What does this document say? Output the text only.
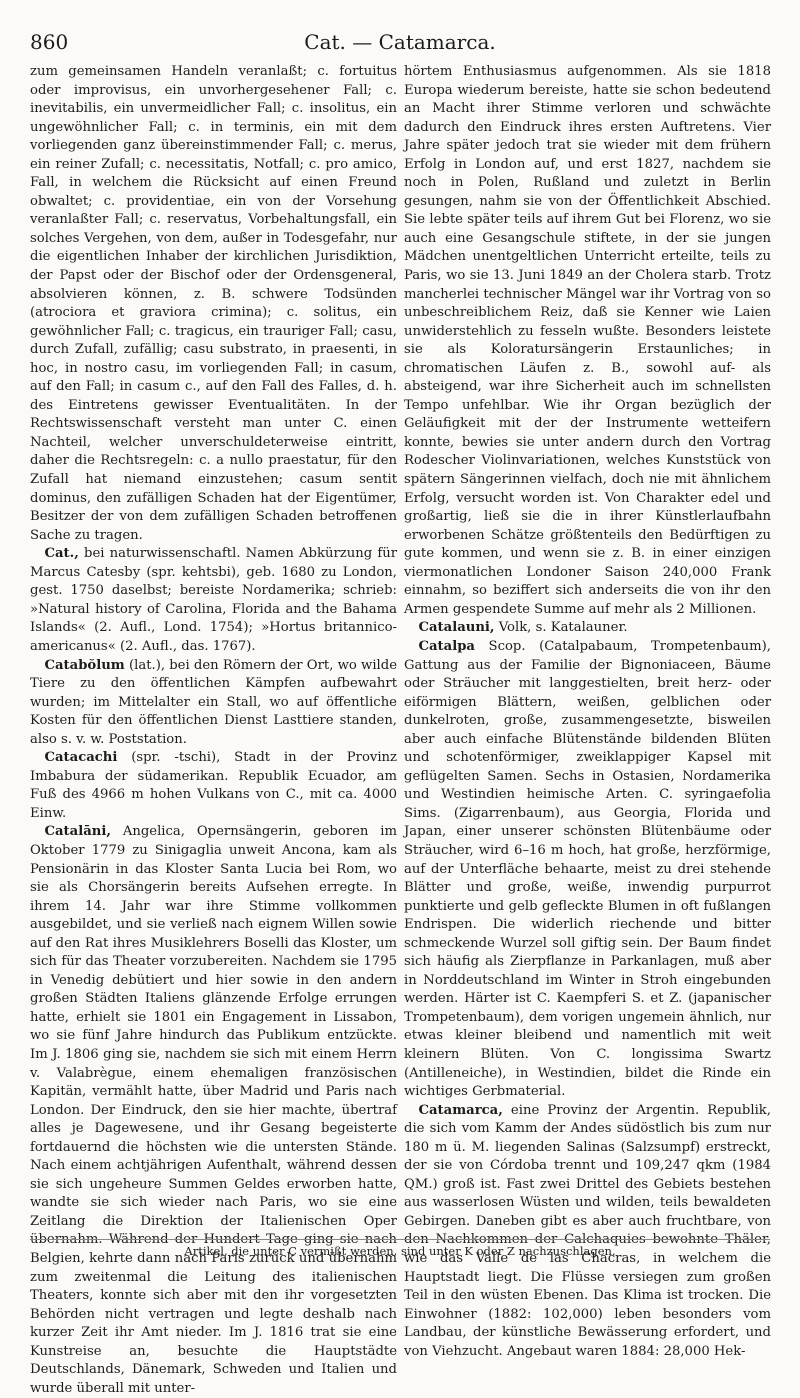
860	Cat. — Catamarca.

zum gemeinsamen Handeln veranlaßt; c. fortuitus oder improvisus, ein unvorhergesehener Fall; c. inevitabilis, ein unvermeidlicher Fall; c. insolitus, ein ungewöhnlicher Fall; c. in terminis, ein mit dem vorliegenden ganz übereinstimmender Fall; c. merus, ein reiner Zufall; c. necessitatis, Notfall; c. pro amico, Fall, in welchem die Rücksicht auf einen Freund obwaltet; c. providentiae, ein von der Vorsehung veranlaßter Fall; c. reservatus, Vorbehaltungsfall, ein solches Vergehen, von dem, außer in Todesgefahr, nur die eigentlichen Inhaber der kirchlichen Jurisdiktion, der Papst oder der Bischof oder der Ordensgeneral, absolvieren können, z. B. schwere Todsünden (atrociora et graviora crimina); c. solitus, ein gewöhnlicher Fall; c. tragicus, ein trauriger Fall; casu, durch Zufall, zufällig; casu substrato, in praesenti, in hoc, in nostro casu, im vorliegenden Fall; in casum, auf den Fall; in casum c., auf den Fall des Falles, d. h. des Eintretens gewisser Eventualitäten. In der Rechtswissenschaft versteht man unter C. einen Nachteil, welcher unverschuldeterweise eintritt, daher die Rechtsregeln: c. a nullo praestatur, für den Zufall hat niemand einzustehen; casum sentit dominus, den zufälligen Schaden hat der Eigentümer, Besitzer der von dem zufälligen Schaden betroffenen Sache zu tragen.

Cat., bei naturwissenschaftl. Namen Abkürzung für Marcus Catesby (spr. kehtsbi), geb. 1680 zu London, gest. 1750 daselbst; bereiste Nordamerika; schrieb: »Natural history of Carolina, Florida and the Bahama Islands« (2. Aufl., Lond. 1754); »Hortus britannico-americanus« (2. Aufl., das. 1767).

Catabŏlum (lat.), bei den Römern der Ort, wo wilde Tiere zu den öffentlichen Kämpfen aufbewahrt wurden; im Mittelalter ein Stall, wo auf öffentliche Kosten für den öffentlichen Dienst Lasttiere standen, also s. v. w. Poststation.

Catacachi (spr. -tschi), Stadt in der Provinz Imbabura der südamerikan. Republik Ecuador, am Fuß des 4966 m hohen Vulkans von C., mit ca. 4000 Einw.

Catalāni, Angelica, Opernsängerin, geboren im Oktober 1779 zu Sinigaglia unweit Ancona, kam als Pensionärin in das Kloster Santa Lucia bei Rom, wo sie als Chorsängerin bereits Aufsehen erregte. In ihrem 14. Jahr war ihre Stimme vollkommen ausgebildet, und sie verließ nach eignem Willen sowie auf den Rat ihres Musiklehrers Boselli das Kloster, um sich für das Theater vorzubereiten. Nachdem sie 1795 in Venedig debütiert und hier sowie in den andern großen Städten Italiens glänzende Erfolge errungen hatte, erhielt sie 1801 ein Engagement in Lissabon, wo sie fünf Jahre hindurch das Publikum entzückte. Im J. 1806 ging sie, nachdem sie sich mit einem Herrn v. Valabrègue, einem ehemaligen französischen Kapitän, vermählt hatte, über Madrid und Paris nach London. Der Eindruck, den sie hier machte, übertraf alles je Dagewesene, und ihr Gesang begeisterte fortdauernd die höchsten wie die untersten Stände. Nach einem achtjährigen Aufenthalt, während dessen sie sich ungeheure Summen Geldes erworben hatte, wandte sie sich wieder nach Paris, wo sie eine Zeitlang die Direktion der Italienischen Oper übernahm. Während der Hundert Tage ging sie nach Belgien, kehrte dann nach Paris zurück und übernahm zum zweitenmal die Leitung des italienischen Theaters, konnte sich aber mit den ihr vorgesetzten Behörden nicht vertragen und legte deshalb nach kurzer Zeit ihr Amt nieder. Im J. 1816 trat sie eine Kunstreise an, besuchte die Hauptstädte Deutschlands, Dänemark, Schweden und Italien und wurde überall mit unter-

hörtem Enthusiasmus aufgenommen. Als sie 1818 Europa wiederum bereiste, hatte sie schon bedeutend an Macht ihrer Stimme verloren und schwächte dadurch den Eindruck ihres ersten Auftretens. Vier Jahre später jedoch trat sie wieder mit dem frühern Erfolg in London auf, und erst 1827, nachdem sie noch in Polen, Rußland und zuletzt in Berlin gesungen, nahm sie von der Öffentlichkeit Abschied. Sie lebte später teils auf ihrem Gut bei Florenz, wo sie auch eine Gesangschule stiftete, in der sie jungen Mädchen unentgeltlichen Unterricht erteilte, teils zu Paris, wo sie 13. Juni 1849 an der Cholera starb. Trotz mancherlei technischer Mängel war ihr Vortrag von so unbeschreiblichem Reiz, daß sie Kenner wie Laien unwiderstehlich zu fesseln wußte. Besonders leistete sie als Koloratursängerin Erstaunliches; in chromatischen Läufen z. B., sowohl auf- als absteigend, war ihre Sicherheit auch im schnellsten Tempo unfehlbar. Wie ihr Organ bezüglich der Geläufigkeit mit der der Instrumente wetteifern konnte, bewies sie unter andern durch den Vortrag Rodescher Violinvariationen, welches Kunststück von spätern Sängerinnen vielfach, doch nie mit ähnlichem Erfolg, versucht worden ist. Von Charakter edel und großartig, ließ sie die in ihrer Künstlerlaufbahn erworbenen Schätze größtenteils den Bedürftigen zu gute kommen, und wenn sie z. B. in einer einzigen viermonatlichen Londoner Saison 240,000 Frank einnahm, so beziffert sich anderseits die von ihr den Armen gespendete Summe auf mehr als 2 Millionen.

Catalauni, Volk, s. Katalauner.

Catalpa Scop. (Catalpabaum, Trompetenbaum), Gattung aus der Familie der Bignoniaceen, Bäume oder Sträucher mit langgestielten, breit herz- oder eiförmigen Blättern, weißen, gelblichen oder dunkelroten, große, zusammengesetzte, bisweilen aber auch einfache Blütenstände bildenden Blüten und schotenförmiger, zweiklappiger Kapsel mit geflügelten Samen. Sechs in Ostasien, Nordamerika und Westindien heimische Arten. C. syringaefolia Sims. (Zigarrenbaum), aus Georgia, Florida und Japan, einer unserer schönsten Blütenbäume oder Sträucher, wird 6–16 m hoch, hat große, herzförmige, auf der Unterfläche behaarte, meist zu drei stehende Blätter und große, weiße, inwendig purpurrot punktierte und gelb gefleckte Blumen in oft fußlangen Endrispen. Die widerlich riechende und bitter schmeckende Wurzel soll giftig sein. Der Baum findet sich häufig als Zierpflanze in Parkanlagen, muß aber in Norddeutschland im Winter in Stroh eingebunden werden. Härter ist C. Kaempferi S. et Z. (japanischer Trompetenbaum), dem vorigen ungemein ähnlich, nur etwas kleiner bleibend und namentlich mit weit kleinern Blüten. Von C. longissima Swartz (Antilleneiche), in Westindien, bildet die Rinde ein wichtiges Gerbmaterial.

Catamarca, eine Provinz der Argentin. Republik, die sich vom Kamm der Andes südöstlich bis zum nur 180 m ü. M. liegenden Salinas (Salzsumpf) erstreckt, der sie von Córdoba trennt und 109,247 qkm (1984 QM.) groß ist. Fast zwei Drittel des Gebiets bestehen aus wasserlosen Wüsten und wilden, teils bewaldeten Gebirgen. Daneben gibt es aber auch fruchtbare, von den Nachkommen der Calchaquies bewohnte Thäler, wie das Valle de las Chacras, in welchem die Hauptstadt liegt. Die Flüsse versiegen zum großen Teil in den wüsten Ebenen. Das Klima ist trocken. Die Einwohner (1882: 102,000) leben besonders vom Landbau, der künstliche Bewässerung erfordert, und von Viehzucht. Angebaut waren 1884: 28,000 Hek-

Artikel, die unter C vermißt werden, sind unter K oder Z nachzuschlagen.
